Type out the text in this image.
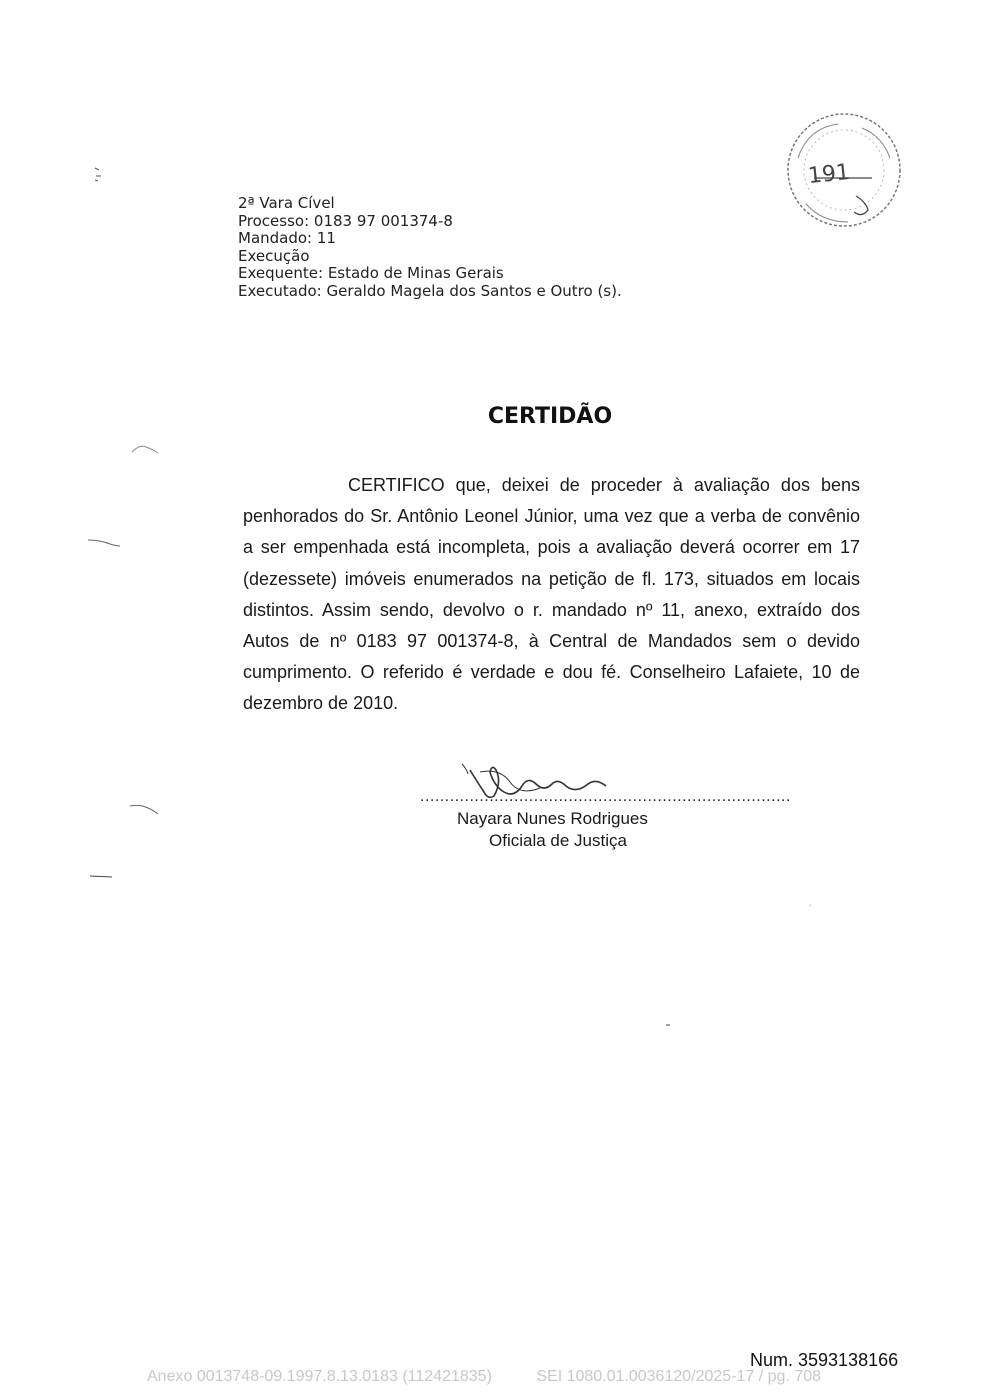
2ª Vara Cível
Processo: 0183 97 001374-8
Mandado: 11
Execução
Exequente: Estado de Minas Gerais
Executado: Geraldo Magela dos Santos e Outro (s).
191
CERTIDÃO

CERTIFICO que, deixei de proceder à avaliação dos bens penhorados do Sr. Antônio Leonel Júnior, uma vez que a verba de convênio a ser empenhada está incompleta, pois a avaliação deverá ocorrer em 17 (dezessete) imóveis enumerados na petição de fl. 173, situados em locais distintos. Assim sendo, devolvo o r. mandado nº 11, anexo, extraído dos Autos de nº 0183 97 001374-8, à Central de Mandados sem o devido cumprimento. O referido é verdade e dou fé. Conselheiro Lafaiete, 10 de dezembro de 2010.

...........................................................................
Nayara Nunes Rodrigues
Oficiala de Justiça
Num. 3593138166
Anexo 0013748-09.1997.8.13.0183 (112421835)	SEI 1080.01.0036120/2025-17 / pg. 708
